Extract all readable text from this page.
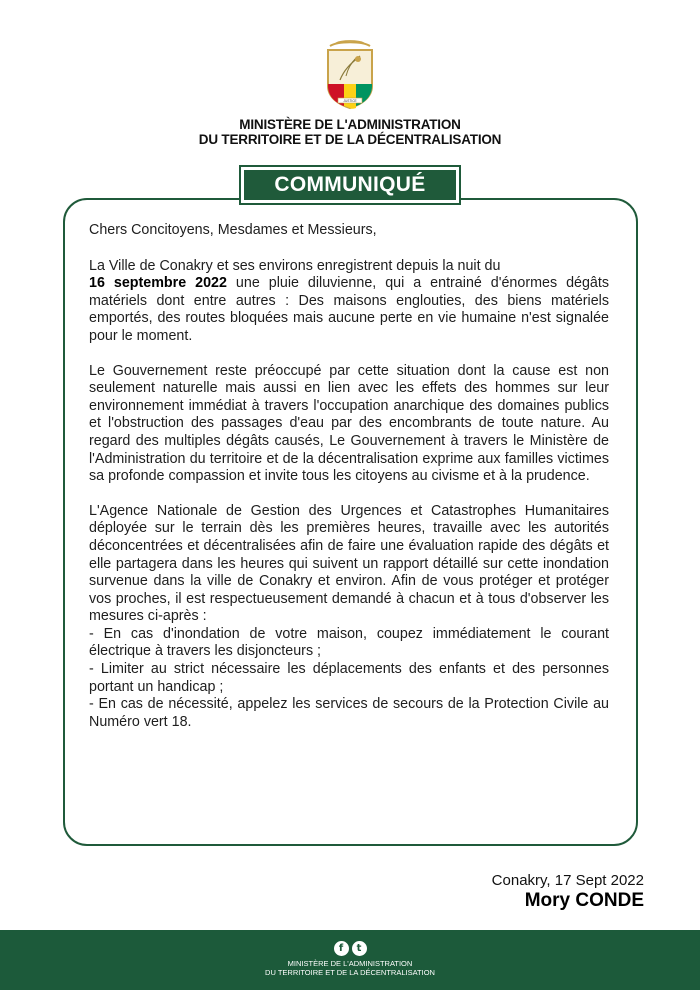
JUSTICE
MINISTÈRE DE L'ADMINISTRATION
DU TERRITOIRE ET DE LA DÉCENTRALISATION
COMMUNIQUÉ

Chers Concitoyens, Mesdames et Messieurs,

La Ville de Conakry et ses environs enregistrent depuis la nuit du
16 septembre 2022 une pluie diluvienne, qui a entrainé d'énormes dégâts matériels dont entre autres : Des maisons englouties, des biens matériels emportés, des routes bloquées mais aucune perte en vie humaine n'est signalée pour le moment.

Le Gouvernement reste préoccupé par cette situation dont la cause est non seulement naturelle mais aussi en lien avec les effets des hommes sur leur environnement immédiat à travers l'occupation anarchique des domaines publics et l'obstruction des passages d'eau par des encombrants de toute nature. Au regard des multiples dégâts causés, Le Gouvernement à travers le Ministère de l'Administration du territoire et de la décentralisation exprime aux familles victimes sa profonde compassion et invite tous les citoyens au civisme et à la prudence.

L'Agence Nationale de Gestion des Urgences et Catastrophes Humanitaires déployée sur le terrain dès les premières heures, travaille avec les autorités déconcentrées et décentralisées afin de faire une évaluation rapide des dégâts et elle partagera dans les heures qui suivent un rapport détaillé sur cette inondation survenue dans la ville de Conakry et environ. Afin de vous protéger et protéger vos proches, il est respectueusement demandé à chacun et à tous d'observer les mesures ci-après :

- En cas d'inondation de votre maison, coupez immédiatement le courant électrique à travers les disjoncteurs ;

- Limiter au strict nécessaire les déplacements des enfants et des personnes portant un handicap ;

- En cas de nécessité, appelez les services de secours de la Protection Civile au Numéro vert 18.

Conakry, 17 Sept 2022
Mory CONDE
f	t
MINISTÈRE DE L'ADMINISTRATION
DU TERRITOIRE ET DE LA DÉCENTRALISATION
